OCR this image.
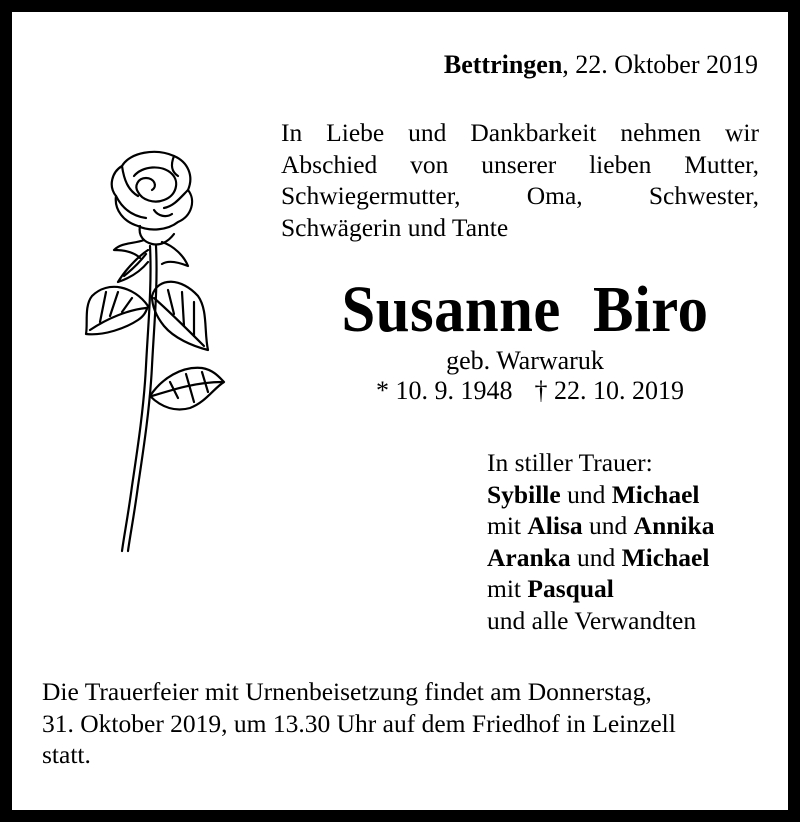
Bettringen, 22. Oktober 2019
In Liebe und Dankbarkeit nehmen wir
Abschied von unserer lieben Mutter,
Schwiegermutter, Oma, Schwester,
Schwägerin und Tante
Susanne Biro
geb. Warwaruk
* 10. 9. 1948 † 22. 10. 2019
In stiller Trauer:
Sybille und Michael
mit Alisa und Annika
Aranka und Michael
mit Pasqual
und alle Verwandten
Die Trauerfeier mit Urnenbeisetzung findet am Donnerstag,
31. Oktober 2019, um 13.30 Uhr auf dem Friedhof in Leinzell
statt.
